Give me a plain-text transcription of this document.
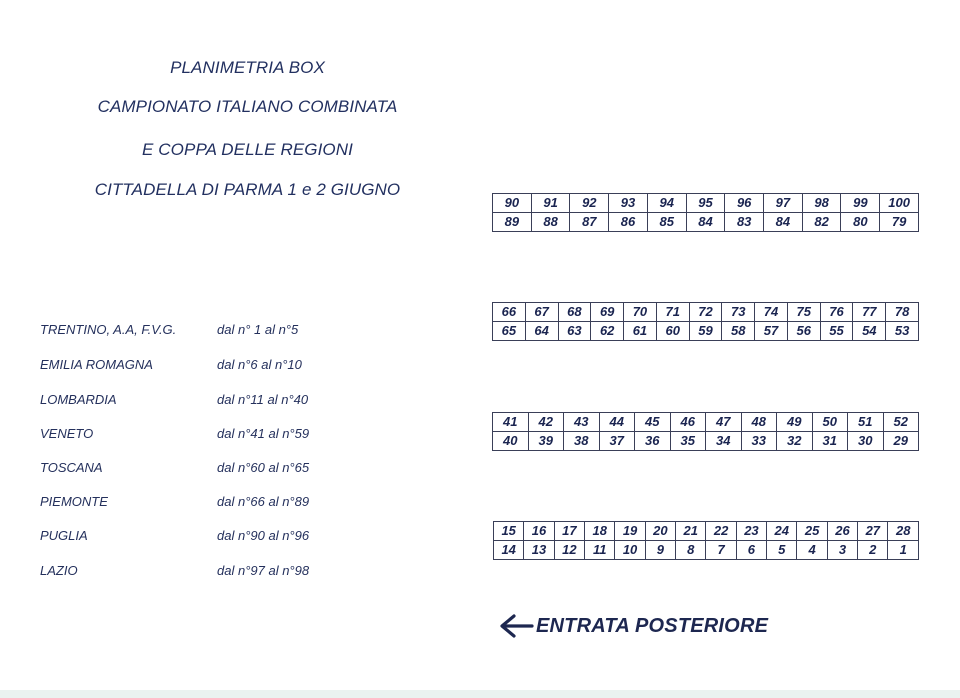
PLANIMETRIA BOX
CAMPIONATO ITALIANO COMBINATA
E COPPA DELLE REGIONI
CITTADELLA DI PARMA 1 e 2 GIUGNO
TRENTINO, A.A, F.V.G.	dal n° 1 al n°5
EMILIA ROMAGNA	dal n°6 al n°10
LOMBARDIA	dal n°11 al n°40
VENETO	dal n°41 al n°59
TOSCANA	dal n°60 al n°65
PIEMONTE	dal n°66 al n°89
PUGLIA	dal n°90 al n°96
LAZIO	dal n°97 al n°98
90	91	92	93	94	95	96	97	98	99	100
89	88	87	86	85	84	83	84	82	80	79
66	67	68	69	70	71	72	73	74	75	76	77	78
65	64	63	62	61	60	59	58	57	56	55	54	53
41	42	43	44	45	46	47	48	49	50	51	52
40	39	38	37	36	35	34	33	32	31	30	29
15	16	17	18	19	20	21	22	23	24	25	26	27	28
14	13	12	11	10	9	8	7	6	5	4	3	2	1
ENTRATA POSTERIORE
